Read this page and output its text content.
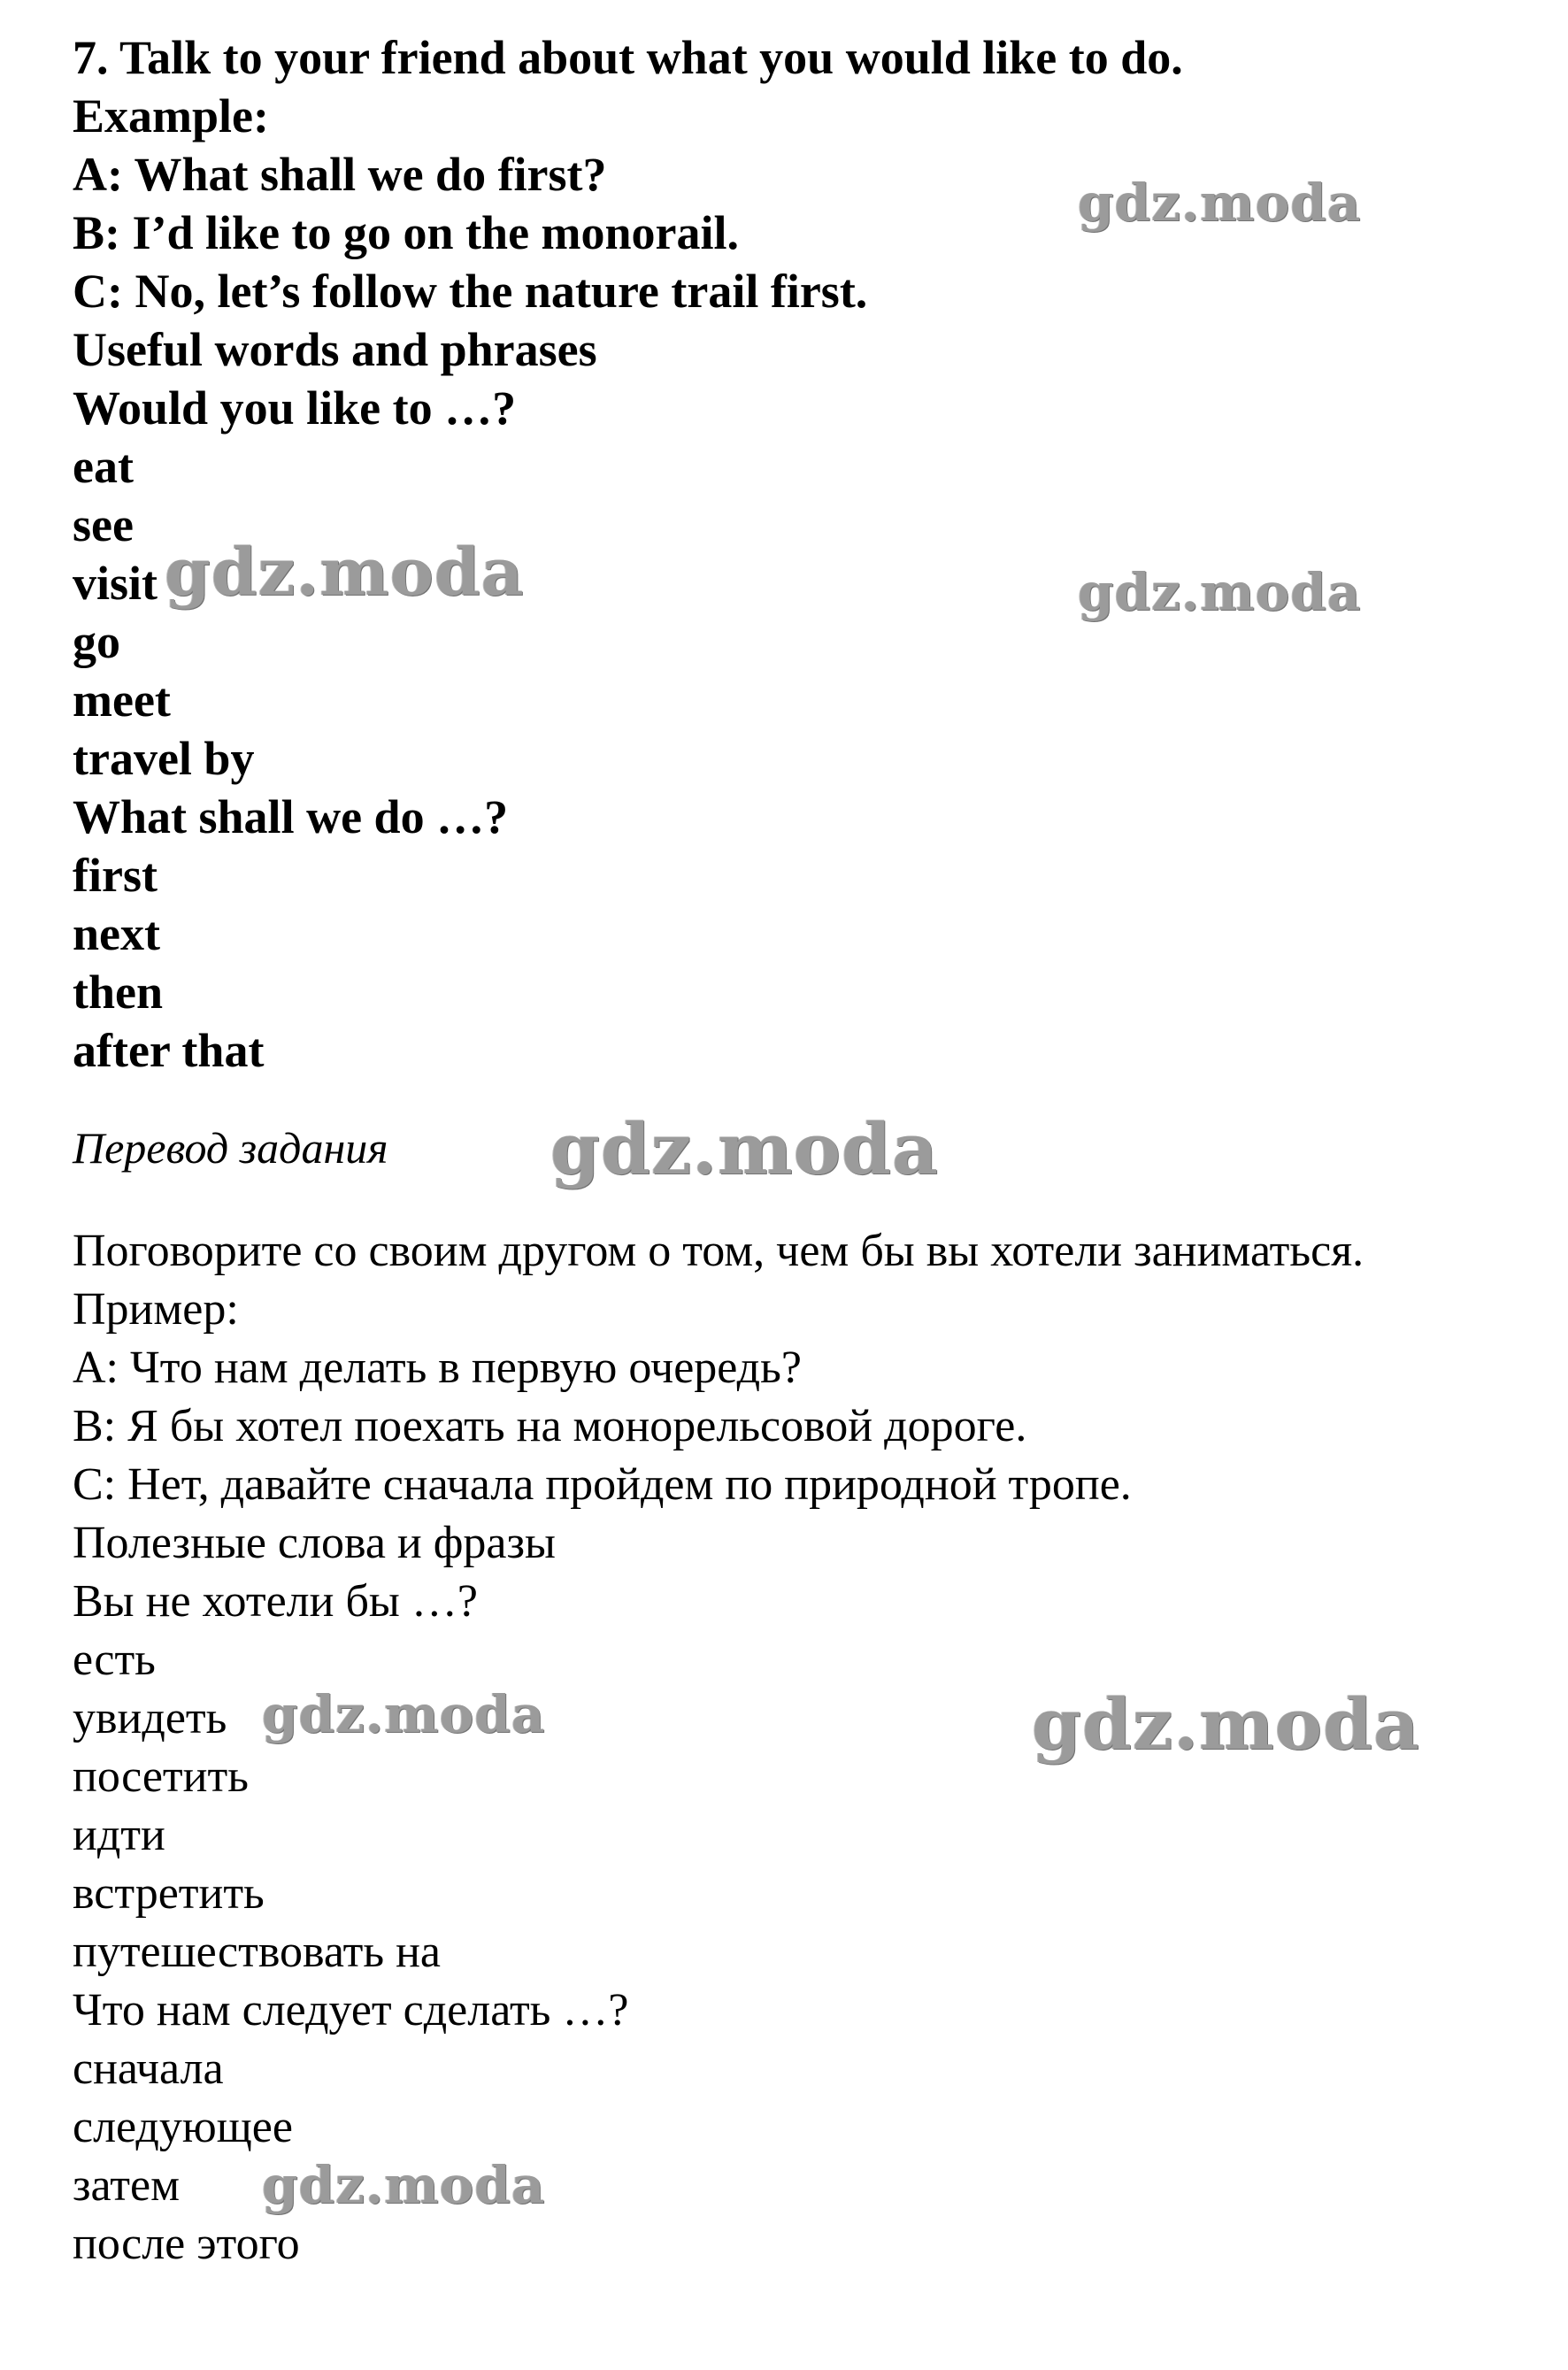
7. Talk to your friend about what you would like to do.
Example:
A: What shall we do first?
B: I’d like to go on the monorail.
C: No, let’s follow the nature trail first.
Useful words and phrases
Would you like to …?
eat
see
visit
go
meet
travel by
What shall we do …?
first
next
then
after that
Перевод задания
Поговорите со своим другом о том, чем бы вы хотели заниматься.
Пример:
А: Что нам делать в первую очередь?
В: Я бы хотел поехать на монорельсовой дороге.
С: Нет, давайте сначала пройдем по природной тропе.
Полезные слова и фразы
Вы не хотели бы …?
есть
увидеть
посетить
идти
встретить
путешествовать на
Что нам следует сделать …?
сначала
следующее
затем
после этого
gdz.moda
gdz.moda	gdz.moda
gdz.moda
gdz.moda	gdz.moda
gdz.moda
